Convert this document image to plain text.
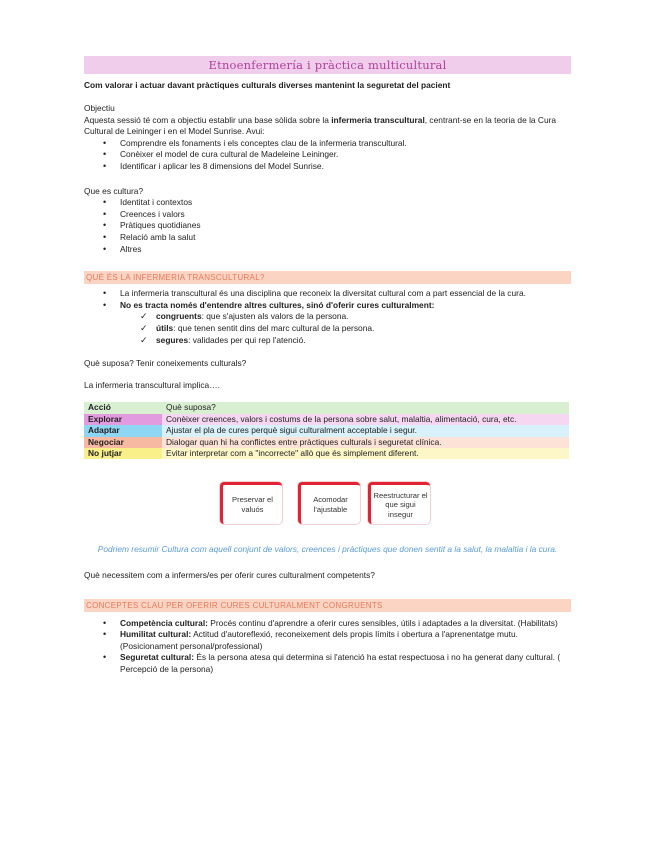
Etnoenfermería i pràctica multicultural
Com valorar i actuar davant pràctiques culturals diverses mantenint la seguretat del pacient
Objectiu
Aquesta sessió té com a objectiu establir una base sòlida sobre la infermeria transcultural, centrant-se en la teoria de la Cura Cultural de Leininger i en el Model Sunrise. Avui:
• Comprendre els fonaments i els conceptes clau de la infermeria transcultural.
• Conèixer el model de cura cultural de Madeleine Leininger.
• Identificar i aplicar les 8 dimensions del Model Sunrise.
Que es cultura?
• Identitat i contextos
• Creences i valors
• Pràtiques quotidianes
• Relació amb la salut
• Altres
QUÈ ÉS LA INFERMERIA TRANSCULTURAL?
• La infermeria transcultural és una disciplina que reconeix la diversitat cultural com a part essencial de la cura.
• No es tracta només d'entendre altres cultures, sinó d'oferir cures culturalment:
✓ congruents: que s'ajusten als valors de la persona.
✓ útils: que tenen sentit dins del marc cultural de la persona.
✓ segures: validades per qui rep l'atenció.
Què suposa? Tenir coneixements culturals?
La infermeria transcultural implica….
Acció	Què suposa?
Explorar	Conèixer creences, valors i costums de la persona sobre salut, malaltia, alimentació, cura, etc.
Adaptar	Ajustar el pla de cures perquè sigui culturalment acceptable i segur.
Negociar	Dialogar quan hi ha conflictes entre pràctiques culturals i seguretat clínica.
No jutjar	Evitar interpretar com a "incorrecte" allò que és simplement diferent.
Preservar el valuós
Acomodar l'ajustable
Reestructurar el que sigui insegur
Podriem resumir Cultura com aquell conjunt de valors, creences i pràctiques que donen sentit a la salut, la malaltia i la cura.
Què necessitem com a infermers/es per oferir cures culturalment competents?
CONCEPTES CLAU PER OFERIR CURES CULTURALMENT CONGRUENTS
• Competència cultural: Procés continu d'aprendre a oferir cures sensibles, útils i adaptades a la diversitat. (Habilitats)
• Humilitat cultural: Actitud d'autoreflexió, reconeixement dels propis límits i obertura a l'aprenentatge mutu. (Posicionament personal/professional)
• Seguretat cultural: És la persona atesa qui determina si l'atenció ha estat respectuosa i no ha generat dany cultural. ( Percepció de la persona)
